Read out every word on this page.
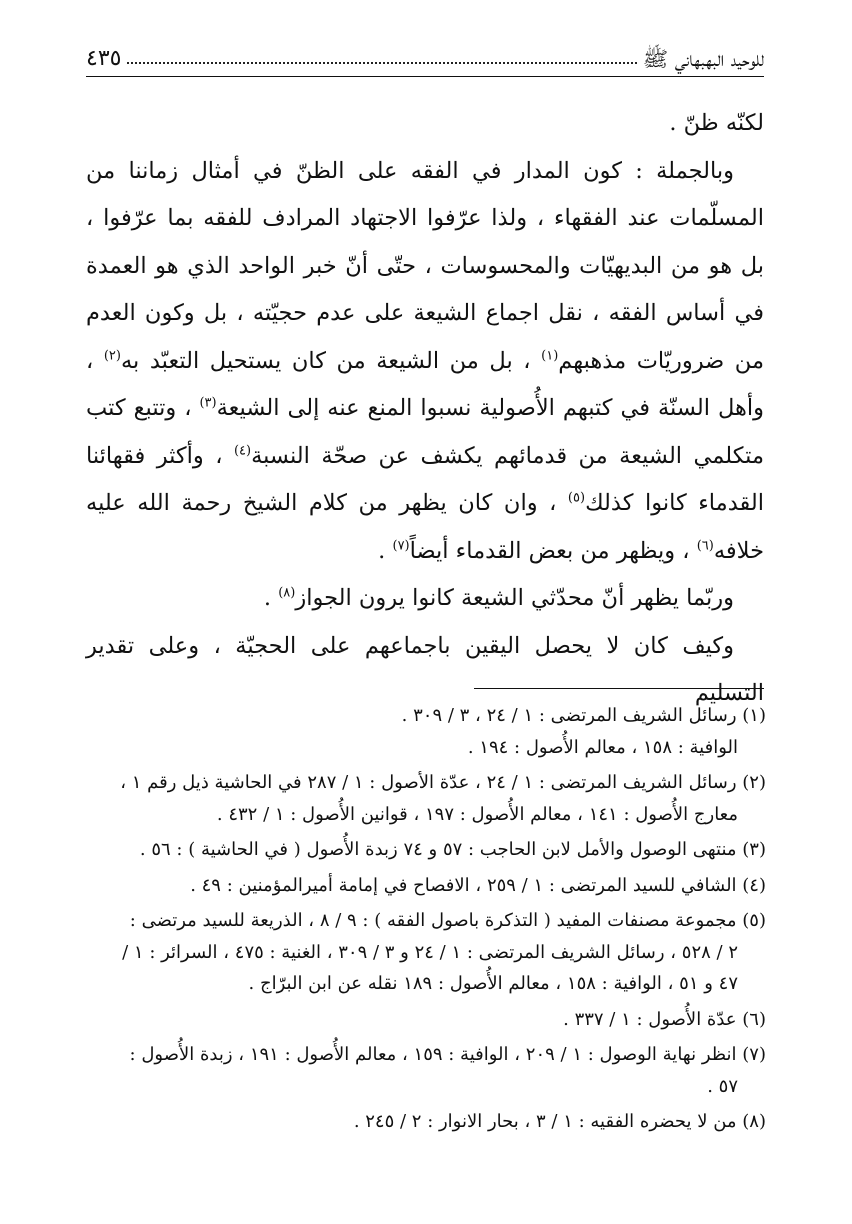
للوحيد البهبهاني ﷺ
٤٣٥

لكنّه ظنّ .

وبالجملة : كون المدار في الفقه على الظنّ في أمثال زماننا من المسلّمات عند الفقهاء ، ولذا عرّفوا الاجتهاد المرادف للفقه بما عرّفوا ، بل هو من البديهيّات والمحسوسات ، حتّى أنّ خبر الواحد الذي هو العمدة في أساس الفقه ، نقل اجماع الشيعة على عدم حجيّته ، بل وكون العدم من ضروريّات مذهبهم$^{(١)}$ ، بل من الشيعة من كان يستحيل التعبّد به$^{(٢)}$ ، وأهل السنّة في كتبهم الأُصولية نسبوا المنع عنه إلى الشيعة$^{(٣)}$ ، وتتبع كتب متكلمي الشيعة من قدمائهم يكشف عن صحّة النسبة$^{(٤)}$ ، وأكثر فقهائنا القدماء كانوا كذلك$^{(٥)}$ ، وان كان يظهر من كلام الشيخ رحمة الله عليه خلافه$^{(٦)}$ ، ويظهر من بعض القدماء أيضاً$^{(٧)}$ .

وربّما يظهر أنّ محدّثي الشيعة كانوا يرون الجواز$^{(٨)}$ .

وكيف كان لا يحصل اليقين باجماعهم على الحجيّة ، وعلى تقدير التسليم

(١) رسائل الشريف المرتضى : ١ / ٢٤ ، ٣ / ٣٠٩ .
الوافية : ١٥٨ ، معالم الأُصول : ١٩٤ .
(٢) رسائل الشريف المرتضى : ١ / ٢٤ ، عدّة الأصول : ١ / ٢٨٧ في الحاشية ذيل رقم ١ ،
معارج الأُصول : ١٤١ ، معالم الأُصول : ١٩٧ ، قوانين الأُصول : ١ / ٤٣٢ .
(٣) منتهى الوصول والأمل لابن الحاجب : ٥٧ و ٧٤ زبدة الأُصول ( في الحاشية ) : ٥٦ .
(٤) الشافي للسيد المرتضى : ١ / ٢٥٩ ، الافصاح في إمامة أميرالمؤمنين : ٤٩ .
(٥) مجموعة مصنفات المفيد ( التذكرة باصول الفقه ) : ٩ / ٨ ، الذريعة للسيد مرتضى :
٢ / ٥٢٨ ، رسائل الشريف المرتضى : ١ / ٢٤ و ٣ / ٣٠٩ ، الغنية : ٤٧٥ ، السرائر : ١ /
٤٧ و ٥١ ، الوافية : ١٥٨ ، معالم الأُصول : ١٨٩ نقله عن ابن البرّاج .
(٦) عدّة الأُصول : ١ / ٣٣٧ .
(٧) انظر نهاية الوصول : ١ / ٢٠٩ ، الوافية : ١٥٩ ، معالم الأُصول : ١٩١ ، زبدة الأُصول :
٥٧ .
(٨) من لا يحضره الفقيه : ١ / ٣ ، بحار الانوار : ٢ / ٢٤٥ .
